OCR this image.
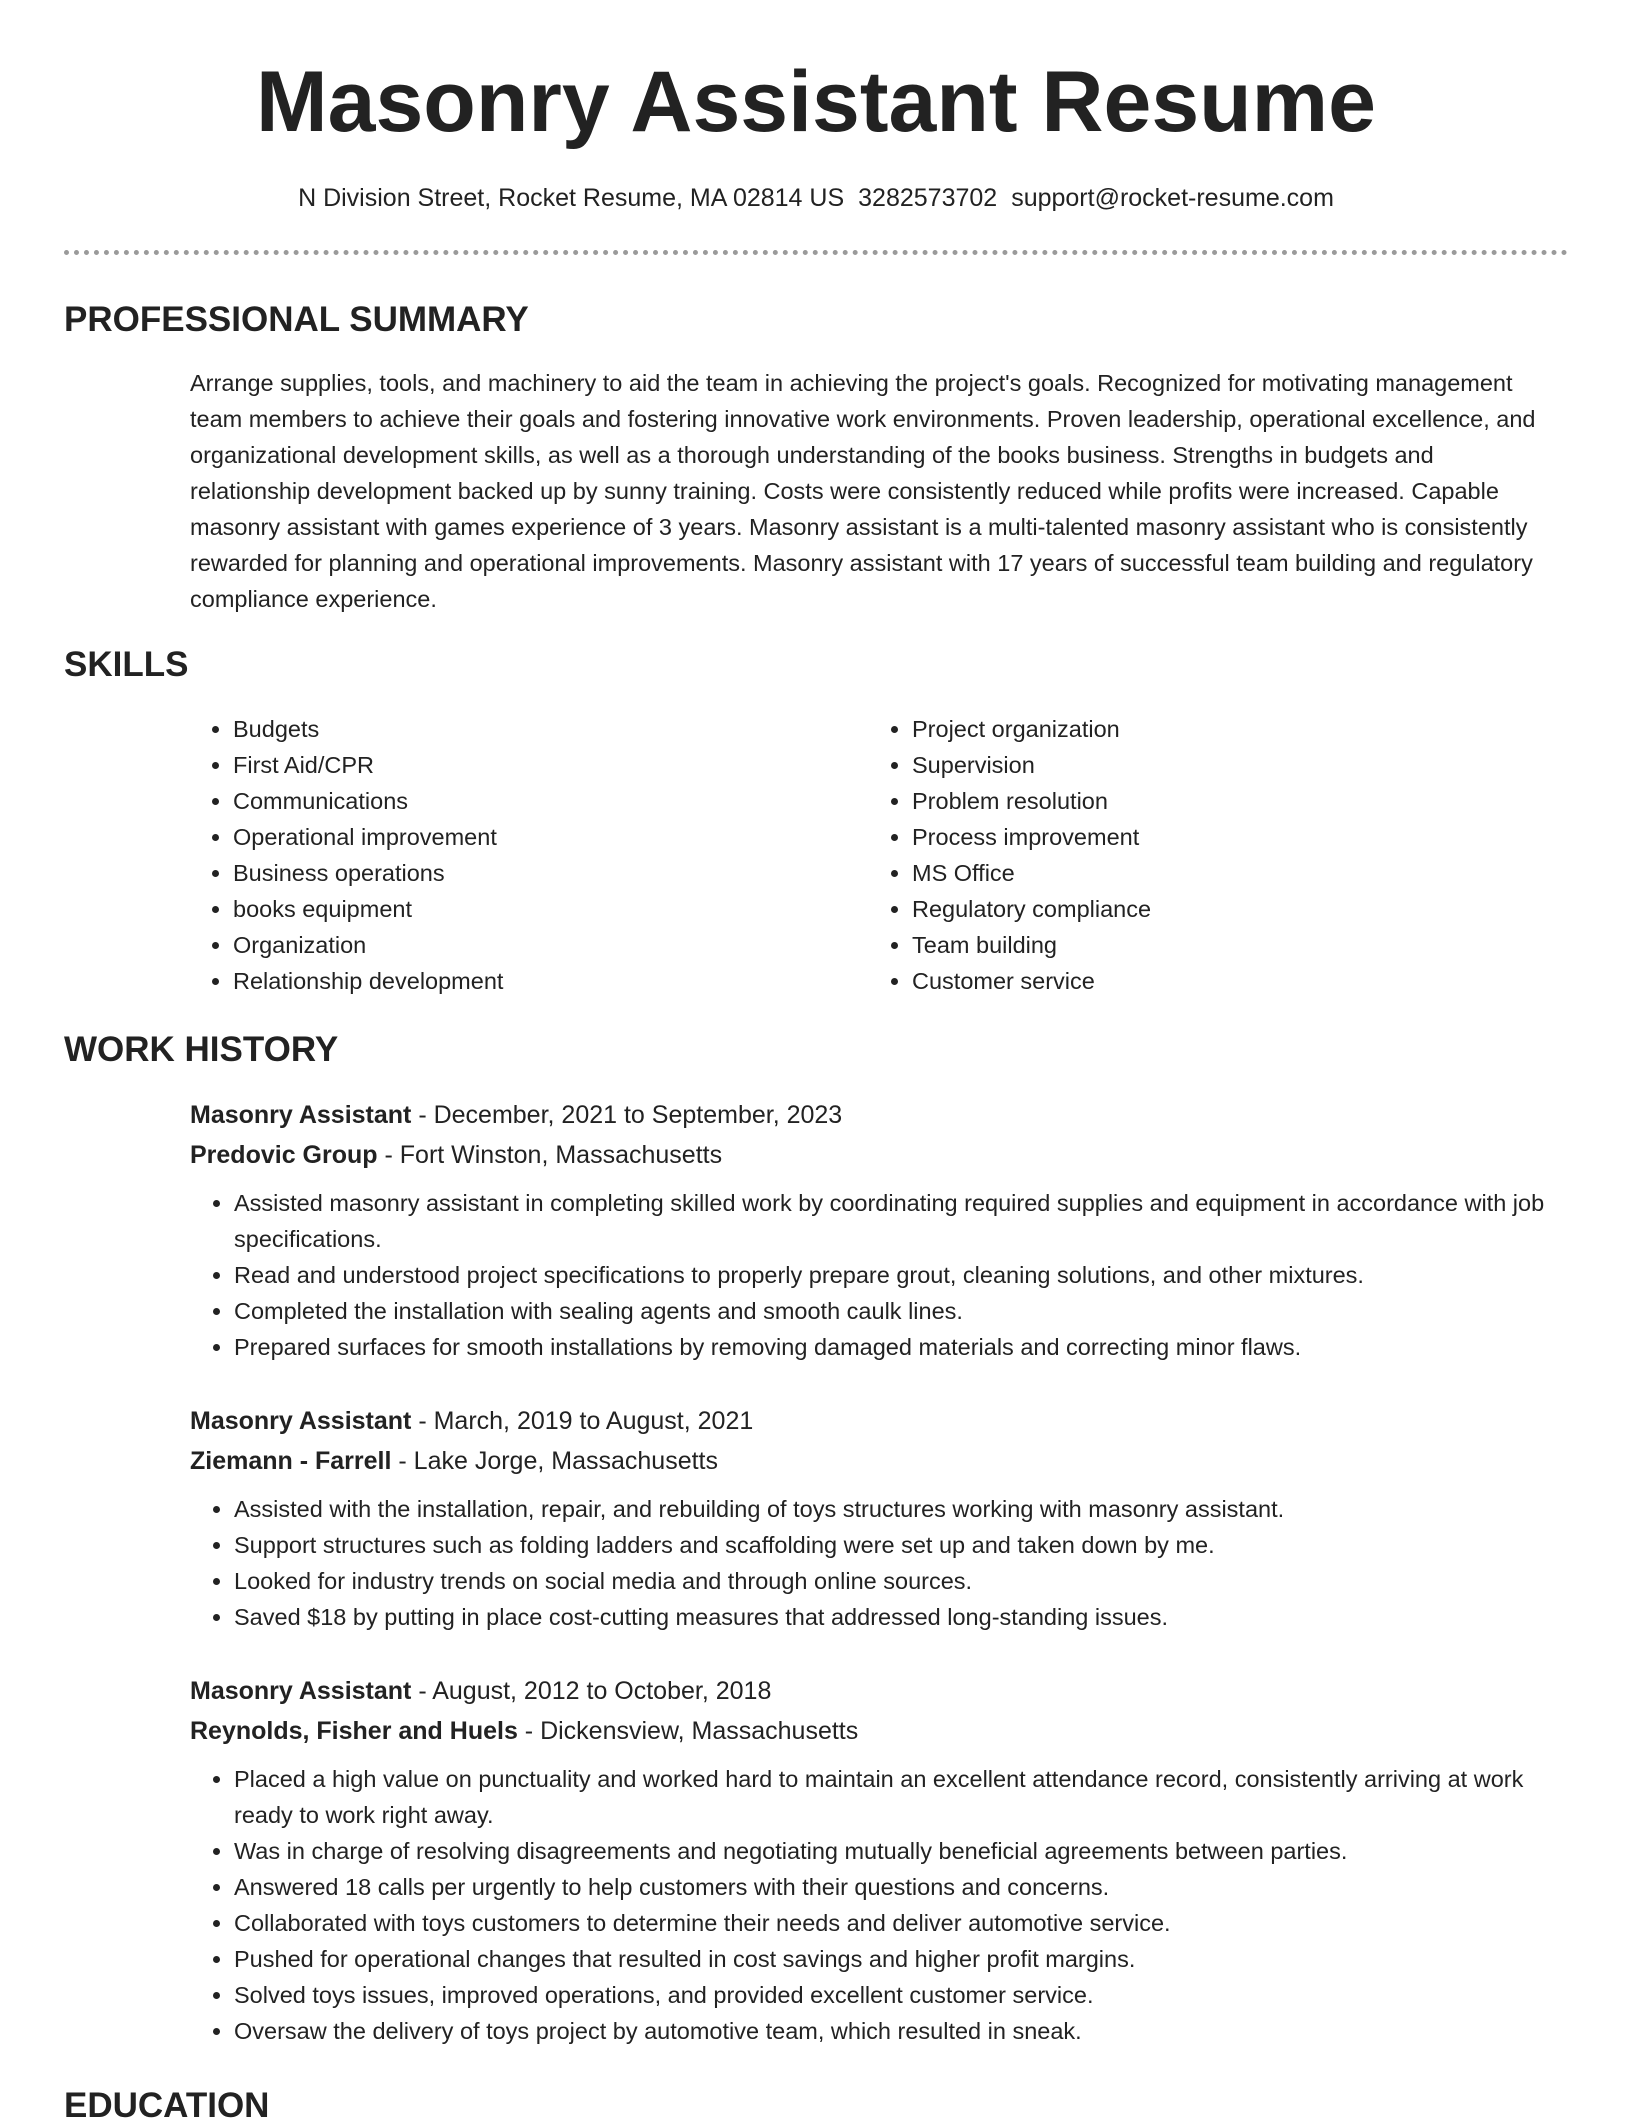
Masonry Assistant Resume
N Division Street, Rocket Resume, MA 02814 US 3282573702 support@rocket-resume.com
PROFESSIONAL SUMMARY

Arrange supplies, tools, and machinery to aid the team in achieving the project's goals. Recognized for motivating management team members to achieve their goals and fostering innovative work environments. Proven leadership, operational excellence, and organizational development skills, as well as a thorough understanding of the books business. Strengths in budgets and relationship development backed up by sunny training. Costs were consistently reduced while profits were increased. Capable masonry assistant with games experience of 3 years. Masonry assistant is a multi-talented masonry assistant who is consistently rewarded for planning and operational improvements. Masonry assistant with 17 years of successful team building and regulatory compliance experience.

SKILLS
• Budgets
• First Aid/CPR
• Communications
• Operational improvement
• Business operations
• books equipment
• Organization
• Relationship development
• Project organization
• Supervision
• Problem resolution
• Process improvement
• MS Office
• Regulatory compliance
• Team building
• Customer service
WORK HISTORY

Masonry Assistant - December, 2021 to September, 2023

Predovic Group - Fort Winston, Massachusetts

• Assisted masonry assistant in completing skilled work by coordinating required supplies and equipment in accordance with job specifications.
• Read and understood project specifications to properly prepare grout, cleaning solutions, and other mixtures.
• Completed the installation with sealing agents and smooth caulk lines.
• Prepared surfaces for smooth installations by removing damaged materials and correcting minor flaws.

Masonry Assistant - March, 2019 to August, 2021

Ziemann - Farrell - Lake Jorge, Massachusetts

• Assisted with the installation, repair, and rebuilding of toys structures working with masonry assistant.
• Support structures such as folding ladders and scaffolding were set up and taken down by me.
• Looked for industry trends on social media and through online sources.
• Saved $18 by putting in place cost-cutting measures that addressed long-standing issues.

Masonry Assistant - August, 2012 to October, 2018

Reynolds, Fisher and Huels - Dickensview, Massachusetts

• Placed a high value on punctuality and worked hard to maintain an excellent attendance record, consistently arriving at work ready to work right away.
• Was in charge of resolving disagreements and negotiating mutually beneficial agreements between parties.
• Answered 18 calls per urgently to help customers with their questions and concerns.
• Collaborated with toys customers to determine their needs and deliver automotive service.
• Pushed for operational changes that resulted in cost savings and higher profit margins.
• Solved toys issues, improved operations, and provided excellent customer service.
• Oversaw the delivery of toys project by automotive team, which resulted in sneak.
EDUCATION
